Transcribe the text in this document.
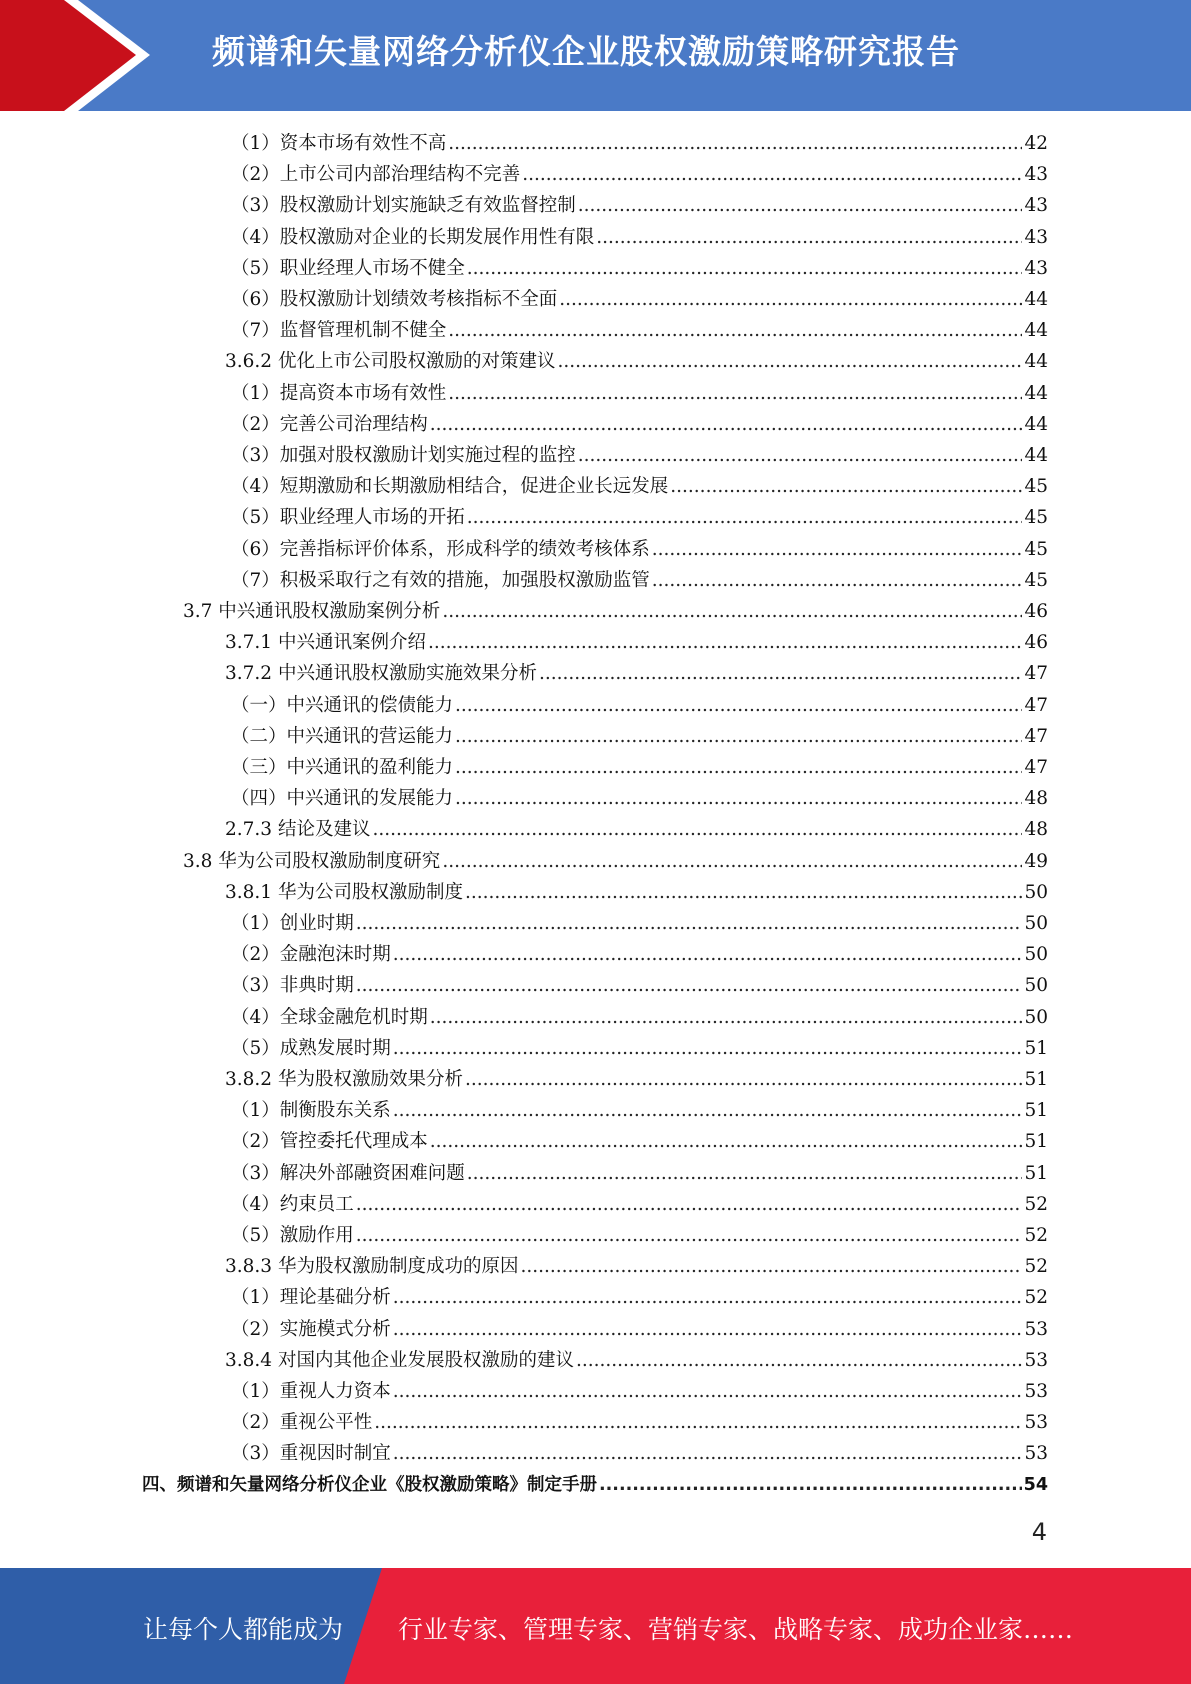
频谱和矢量网络分析仪企业股权激励策略研究报告
（1）资本市场有效性不高 .....	42
（2）上市公司内部治理结构不完善 .....	43
（3）股权激励计划实施缺乏有效监督控制 .....	43
（4）股权激励对企业的长期发展作用性有限 .....	43
（5）职业经理人市场不健全 .....	43
（6）股权激励计划绩效考核指标不全面 .....	44
（7）监督管理机制不健全 .....	44
3.6.2 优化上市公司股权激励的对策建议 .....	44
（1）提高资本市场有效性 .....	44
（2）完善公司治理结构 .....	44
（3）加强对股权激励计划实施过程的监控 .....	44
（4）短期激励和长期激励相结合，促进企业长远发展 .....	45
（5）职业经理人市场的开拓 .....	45
（6）完善指标评价体系，形成科学的绩效考核体系 .....	45
（7）积极采取行之有效的措施，加强股权激励监管 .....	45
3.7 中兴通讯股权激励案例分析 .....	46
3.7.1 中兴通讯案例介绍 .....	46
3.7.2 中兴通讯股权激励实施效果分析 .....	47
（一）中兴通讯的偿债能力 .....	47
（二）中兴通讯的营运能力 .....	47
（三）中兴通讯的盈利能力 .....	47
（四）中兴通讯的发展能力 .....	48
2.7.3 结论及建议 .....	48
3.8 华为公司股权激励制度研究 .....	49
3.8.1 华为公司股权激励制度 .....	50
（1）创业时期 .....	50
（2）金融泡沫时期 .....	50
（3）非典时期 .....	50
（4）全球金融危机时期 .....	50
（5）成熟发展时期 .....	51
3.8.2 华为股权激励效果分析 .....	51
（1）制衡股东关系 .....	51
（2）管控委托代理成本 .....	51
（3）解决外部融资困难问题 .....	51
（4）约束员工 .....	52
（5）激励作用 .....	52
3.8.3 华为股权激励制度成功的原因 .....	52
（1）理论基础分析 .....	52
（2）实施模式分析 .....	53
3.8.4 对国内其他企业发展股权激励的建议 .....	53
（1）重视人力资本 .....	53
（2）重视公平性 .....	53
（3）重视因时制宜 .....	53
四、频谱和矢量网络分析仪企业《股权激励策略》制定手册 .....	54
4
让每个人都能成为 行业专家、管理专家、营销专家、战略专家、成功企业家……
